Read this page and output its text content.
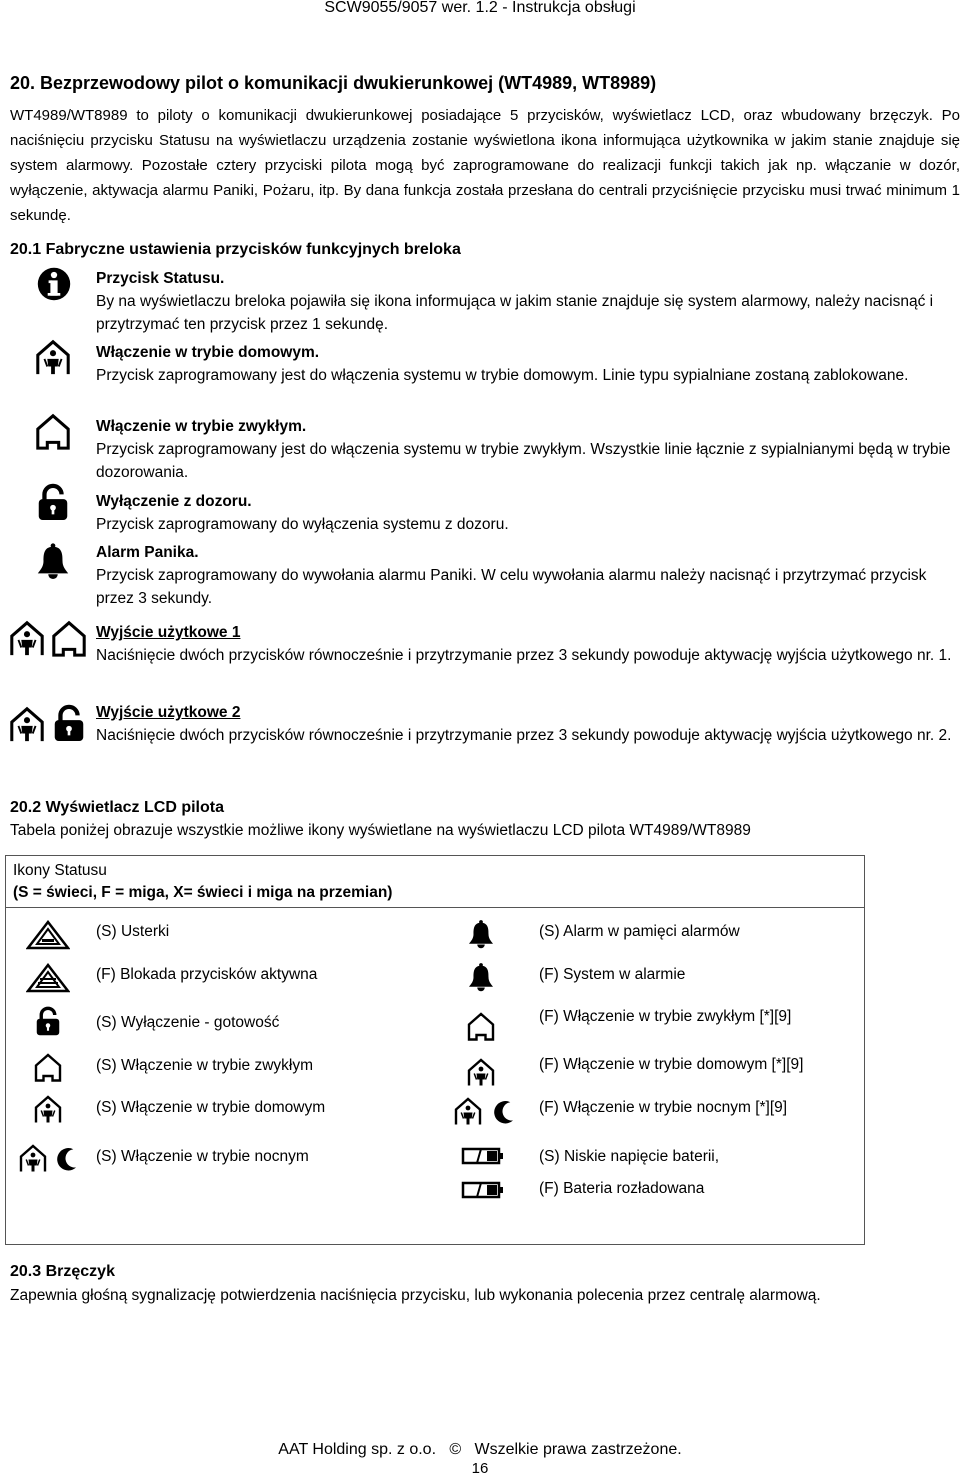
SCW9055/9057 wer. 1.2 - Instrukcja obsługi
20. Bezprzewodowy pilot o komunikacji dwukierunkowej (WT4989, WT8989)

WT4989/WT8989 to piloty o komunikacji dwukierunkowej posiadające 5 przycisków, wyświetlacz LCD, oraz wbudowany brzęczyk. Po naciśnięciu przycisku Statusu na wyświetlaczu urządzenia zostanie wyświetlona ikona informująca użytkownika w jakim stanie znajduje się system alarmowy. Pozostałe cztery przyciski pilota mogą być zaprogramowane do realizacji funkcji takich jak np. włączanie w dozór, wyłączenie, aktywacja alarmu Paniki, Pożaru, itp. By dana funkcja została przesłana do centrali przyciśnięcie przycisku musi trwać minimum 1 sekundę.

20.1 Fabryczne ustawienia przycisków funkcyjnych breloka
Przycisk Statusu.
By na wyświetlaczu breloka pojawiła się ikona informująca w jakim stanie znajduje się system alarmowy, należy nacisnąć i przytrzymać ten przycisk przez 1 sekundę.
Włączenie w trybie domowym.
Przycisk zaprogramowany jest do włączenia systemu w trybie domowym. Linie typu sypialniane zostaną zablokowane.
Włączenie w trybie zwykłym.
Przycisk zaprogramowany jest do włączenia systemu w trybie zwykłym. Wszystkie linie łącznie z sypialnianymi będą w trybie dozorowania.
Wyłączenie z dozoru.
Przycisk zaprogramowany do wyłączenia systemu z dozoru.
Alarm Panika.
Przycisk zaprogramowany do wywołania alarmu Paniki. W celu wywołania alarmu należy nacisnąć i przytrzymać przycisk przez 3 sekundy.
Wyjście użytkowe 1
Naciśnięcie dwóch przycisków równocześnie i przytrzymanie przez 3 sekundy powoduje aktywację wyjścia użytkowego nr. 1.
Wyjście użytkowe 2
Naciśnięcie dwóch przycisków równocześnie i przytrzymanie przez 3 sekundy powoduje aktywację wyjścia użytkowego nr. 2.
20.2 Wyświetlacz LCD pilota
Tabela poniżej obrazuje wszystkie możliwe ikony wyświetlane na wyświetlaczu LCD pilota WT4989/WT8989
Ikony Statusu
(S = świeci, F = miga, X= świeci i miga na przemian)
(S) Usterki
(F) Blokada przycisków aktywna
(S) Wyłączenie - gotowość
(S) Włączenie w trybie zwykłym
(S) Włączenie w trybie domowym
(S) Włączenie w trybie nocnym
(S) Alarm w pamięci alarmów
(F) System w alarmie
(F) Włączenie w trybie zwykłym [*][9]
(F) Włączenie w trybie domowym [*][9]
(F) Włączenie w trybie nocnym [*][9]
(S) Niskie napięcie baterii,
(F) Bateria rozładowana
20.3 Brzęczyk
Zapewnia głośną sygnalizację potwierdzenia naciśnięcia przycisku, lub wykonania polecenia przez centralę alarmową.
AAT Holding sp. z o.o. © Wszelkie prawa zastrzeżone.
16
